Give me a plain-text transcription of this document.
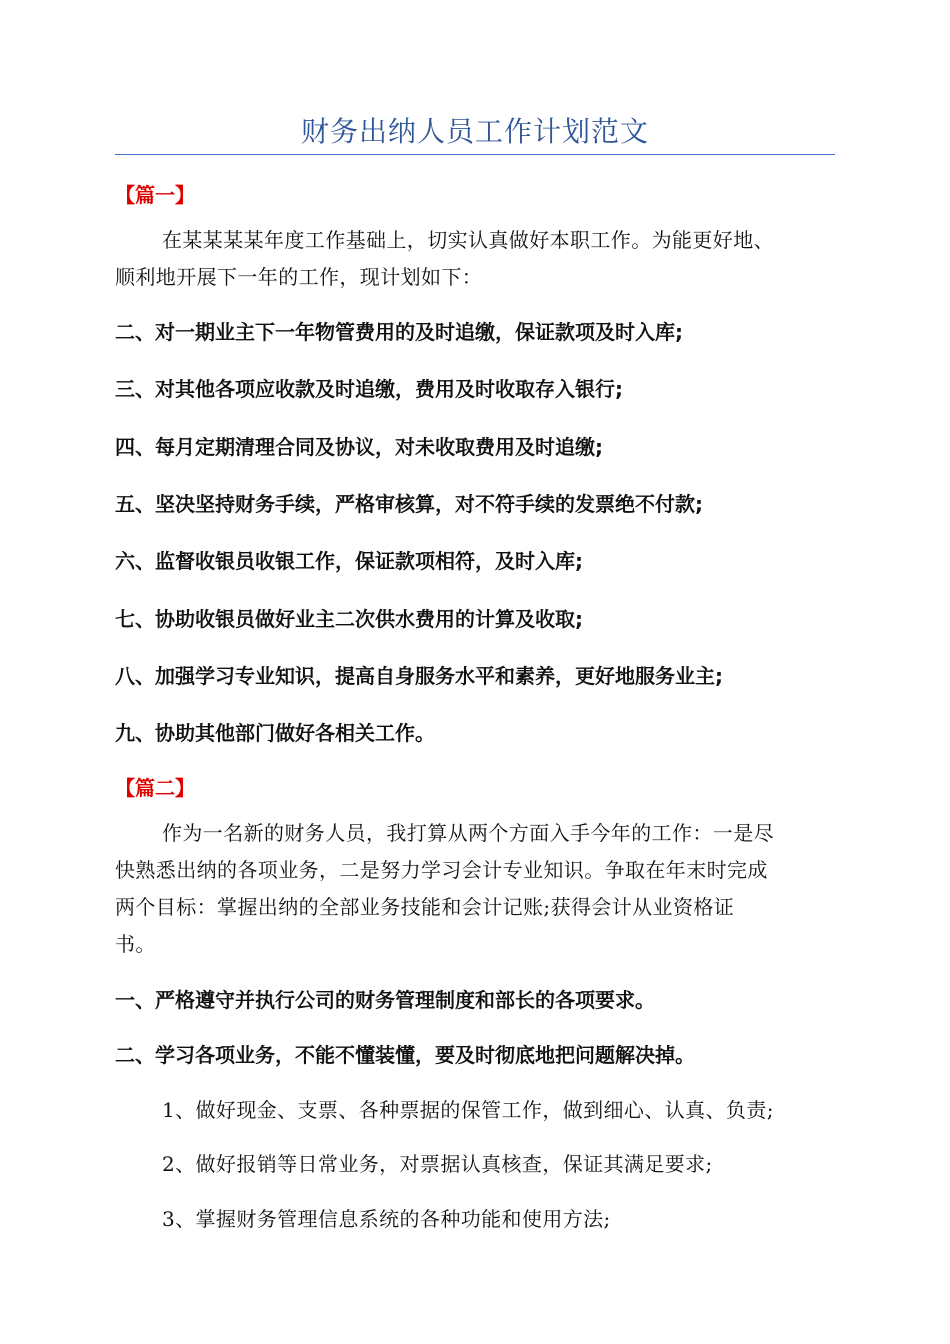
财务出纳人员工作计划范文
【篇一】
在某某某某年度工作基础上，切实认真做好本职工作。为能更好地、
顺利地开展下一年的工作，现计划如下：
二、对一期业主下一年物管费用的及时追缴，保证款项及时入库;
三、对其他各项应收款及时追缴，费用及时收取存入银行;
四、每月定期清理合同及协议，对未收取费用及时追缴;
五、坚决坚持财务手续，严格审核算，对不符手续的发票绝不付款;
六、监督收银员收银工作，保证款项相符，及时入库;
七、协助收银员做好业主二次供水费用的计算及收取;
八、加强学习专业知识，提高自身服务水平和素养，更好地服务业主;
九、协助其他部门做好各相关工作。
【篇二】
作为一名新的财务人员，我打算从两个方面入手今年的工作：一是尽
快熟悉出纳的各项业务，二是努力学习会计专业知识。争取在年末时完成
两个目标：掌握出纳的全部业务技能和会计记账;获得会计从业资格证
书。
一、严格遵守并执行公司的财务管理制度和部长的各项要求。
二、学习各项业务，不能不懂装懂，要及时彻底地把问题解决掉。
1、做好现金、支票、各种票据的保管工作，做到细心、认真、负责;
2、做好报销等日常业务，对票据认真核查，保证其满足要求;
3、掌握财务管理信息系统的各种功能和使用方法;
